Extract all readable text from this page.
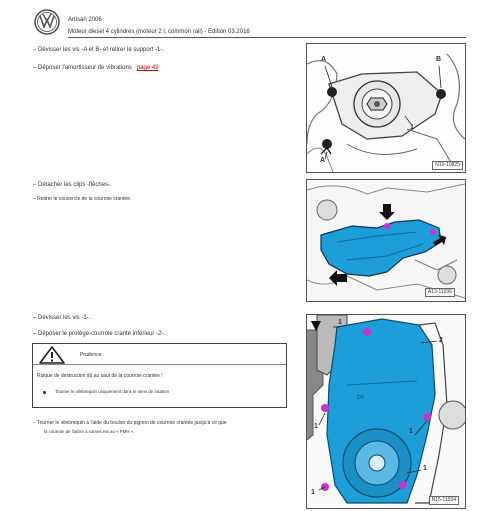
Artisan 2006
Moteur diesel 4 cylindres (moteur 2 l, common rail) - Edition 03.2016
– Dévisser les vis -A et B- et retirer le support -1-.
– Déposer l'amortisseur de vibrations page 49
– Détacher les clips -flèches-.
– Retirer le couvercle de la courroie crantée.
– Dévisser les vis -1-.
– Déposer le protège-courroie cranté inférieur -2-.
Prudence
Risque de destruction dû au saut de la courroie crantée !
Tourner le vilebrequin uniquement dans le sens de rotation
– Tourner le vilebrequin à l'aide du boulon du pignon de courroie crantée jusqu'à ce que
la courroie de l'arbre à cames est au « PMH ».
A	B
1
A
N10-10825
A13-11036
1
2
1
1
1
1
OT
N15-11034
